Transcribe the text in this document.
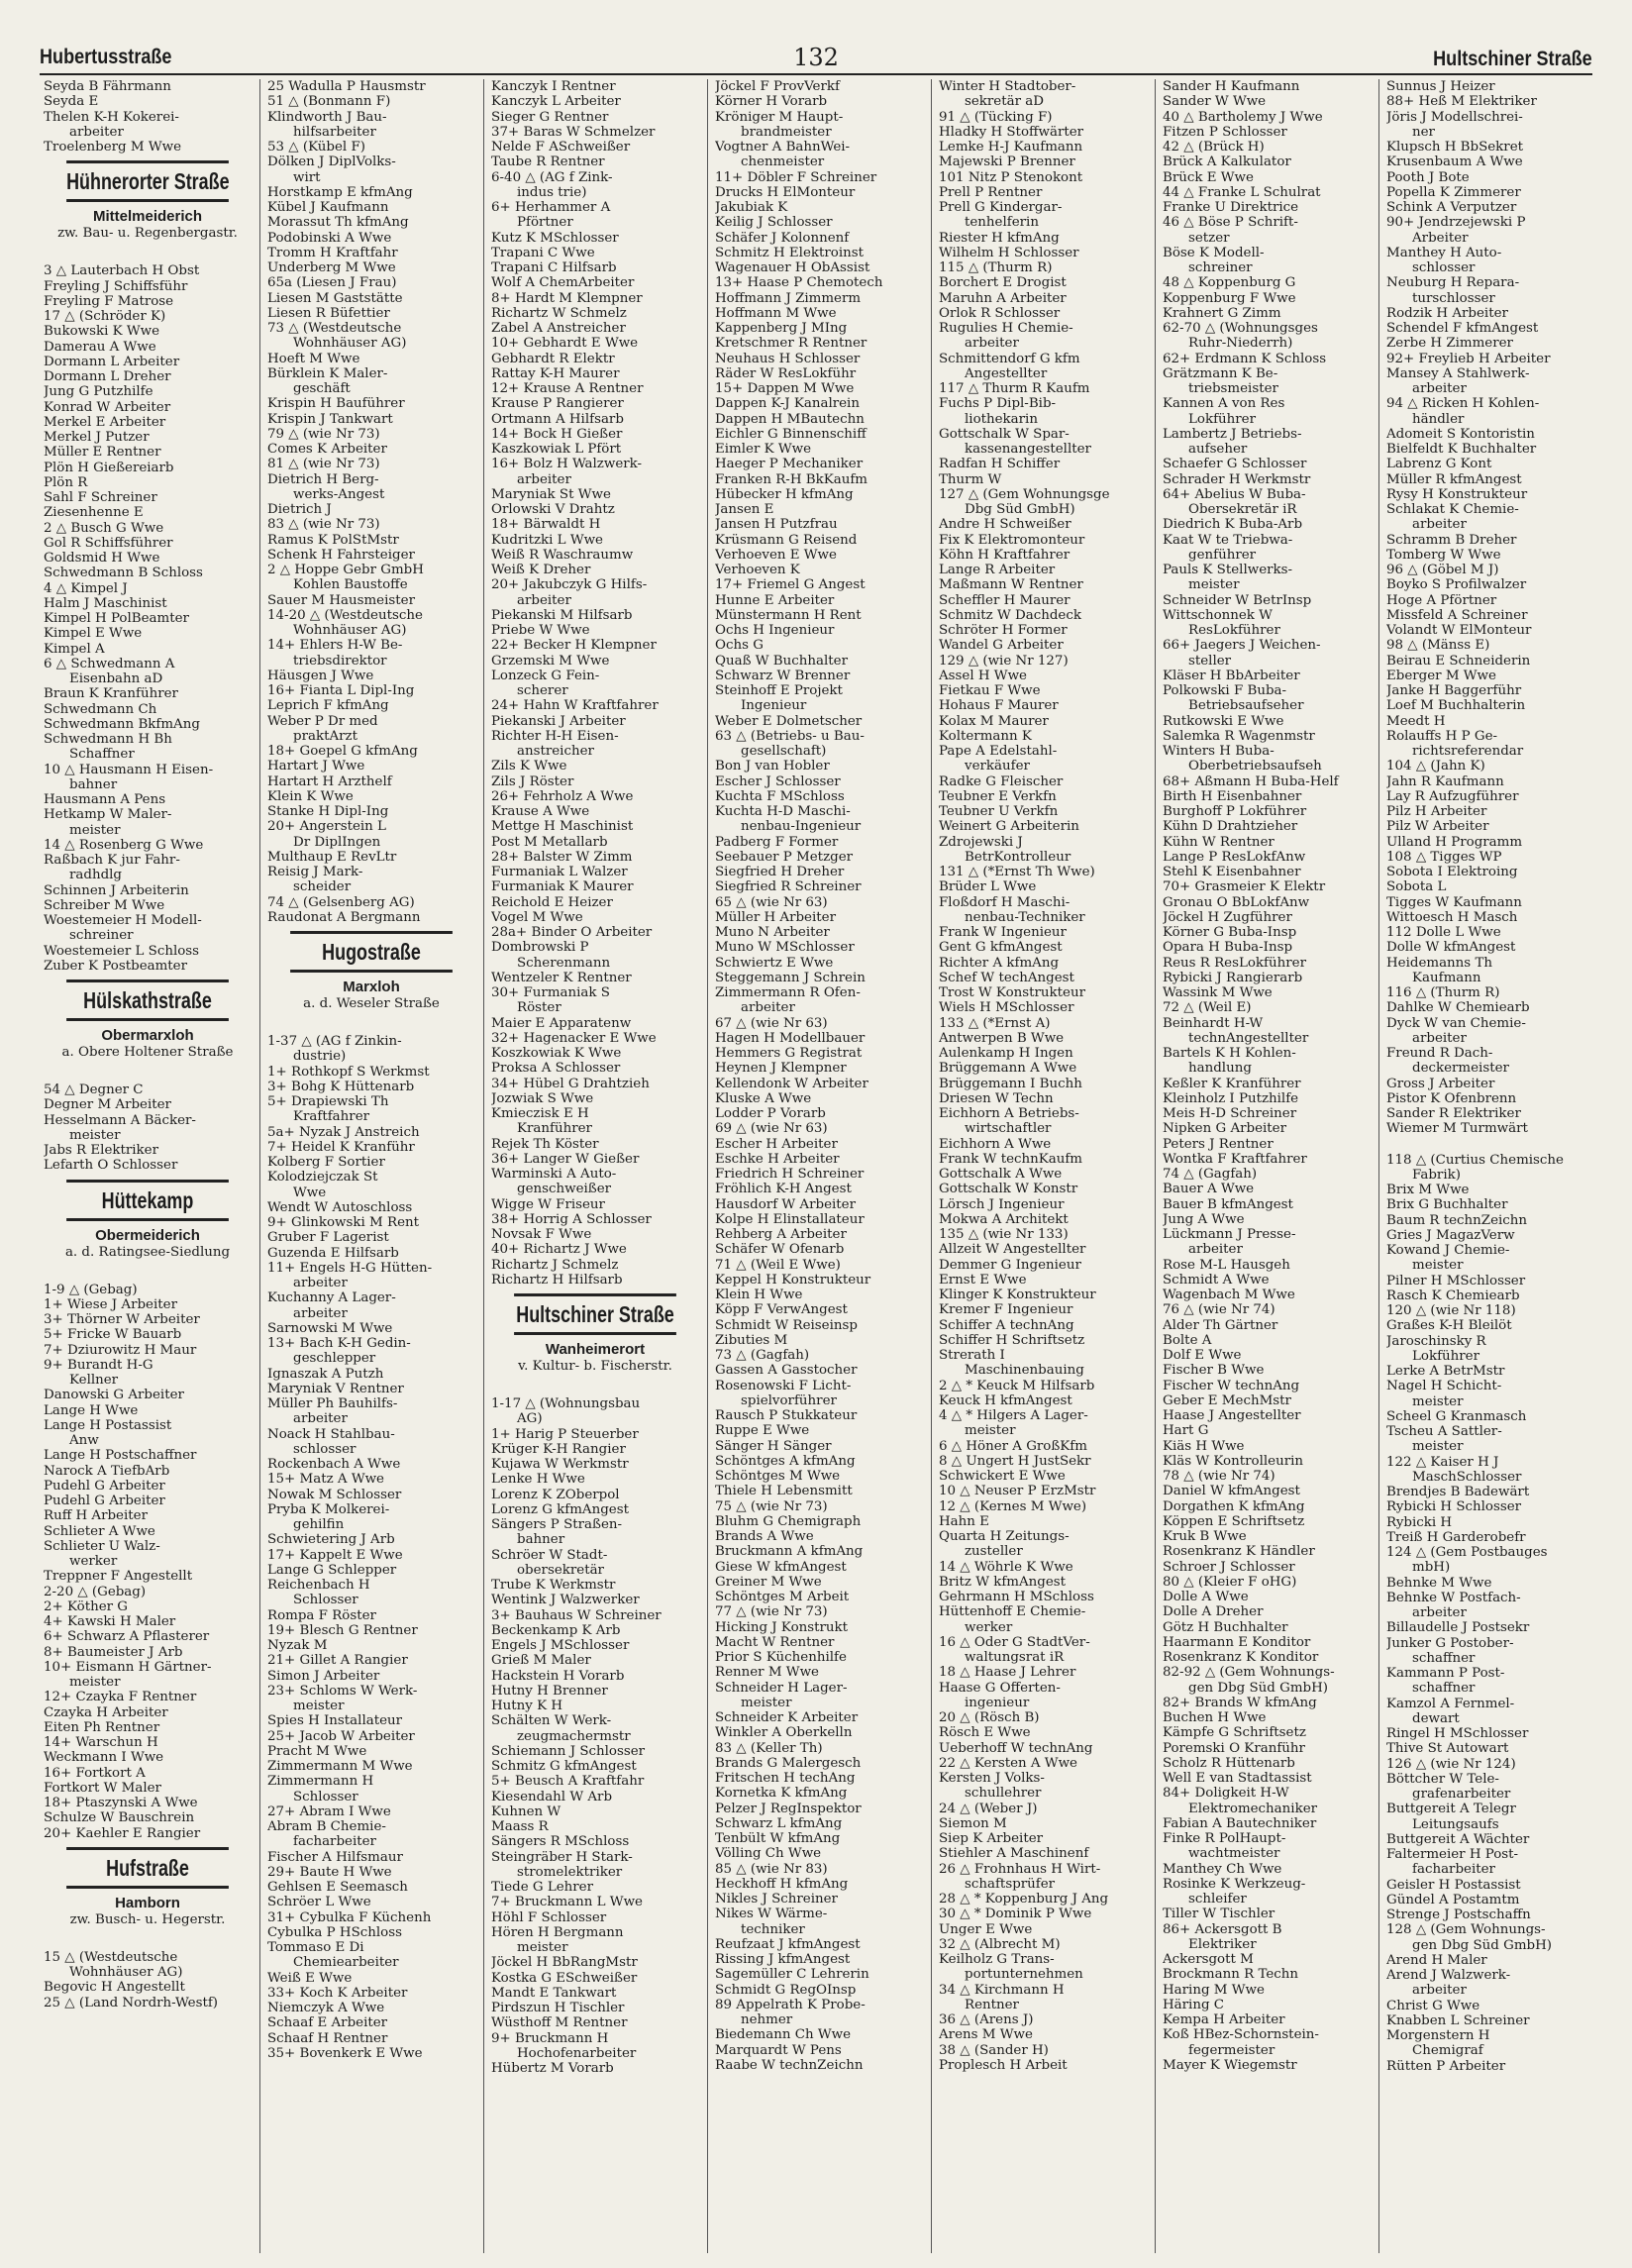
Hubertusstraße	132	Hultschiner Straße
Seyda B Fährmann
Seyda E
Thelen K-H Kokerei-
arbeiter
Troelenberg M Wwe
Hühnerorter Straße
Mittelmeiderich
zw. Bau- u. Regenbergastr.
3 △ Lauterbach H Obst
Freyling J Schiffsführ
Freyling F Matrose
17 △ (Schröder K)
Bukowski K Wwe
Damerau A Wwe
Dormann L Arbeiter
Dormann L Dreher
Jung G Putzhilfe
Konrad W Arbeiter
Merkel E Arbeiter
Merkel J Putzer
Müller E Rentner
Plön H Gießereiarb
Plön R
Sahl F Schreiner
Ziesenhenne E
2 △ Busch G Wwe
Gol R Schiffsführer
Goldsmid H Wwe
Schwedmann B Schloss
4 △ Kimpel J
Halm J Maschinist
Kimpel H PolBeamter
Kimpel E Wwe
Kimpel A
6 △ Schwedmann A
Eisenbahn aD
Braun K Kranführer
Schwedmann Ch
Schwedmann BkfmAng
Schwedmann H Bh
Schaffner
10 △ Hausmann H Eisen-
bahner
Hausmann A Pens
Hetkamp W Maler-
meister
14 △ Rosenberg G Wwe
Raßbach K jur Fahr-
radhdlg
Schinnen J Arbeiterin
Schreiber M Wwe
Woestemeier H Modell-
schreiner
Woestemeier L Schloss
Zuber K Postbeamter
Hülskathstraße
Obermarxloh
a. Obere Holtener Straße
54 △ Degner C
Degner M Arbeiter
Hesselmann A Bäcker-
meister
Jabs R Elektriker
Lefarth O Schlosser
Hüttekamp
Obermeiderich
a. d. Ratingsee-Siedlung
1-9 △ (Gebag)
1+ Wiese J Arbeiter
3+ Thörner W Arbeiter
5+ Fricke W Bauarb
7+ Dziurowitz H Maur
9+ Burandt H-G
Kellner
Danowski G Arbeiter
Lange H Wwe
Lange H Postassist
Anw
Lange H Postschaffner
Narock A TiefbArb
Pudehl G Arbeiter
Pudehl G Arbeiter
Ruff H Arbeiter
Schlieter A Wwe
Schlieter U Walz-
werker
Treppner F Angestellt
2-20 △ (Gebag)
2+ Köther G
4+ Kawski H Maler
6+ Schwarz A Pflasterer
8+ Baumeister J Arb
10+ Eismann H Gärtner-
meister
12+ Czayka F Rentner
Czayka H Arbeiter
Eiten Ph Rentner
14+ Warschun H
Weckmann I Wwe
16+ Fortkort A
Fortkort W Maler
18+ Ptaszynski A Wwe
Schulze W Bauschrein
20+ Kaehler E Rangier
Hufstraße
Hamborn
zw. Busch- u. Hegerstr.
15 △ (Westdeutsche
Wohnhäuser AG)
Begovic H Angestellt
25 △ (Land Nordrh-Westf)
25 Wadulla P Hausmstr
51 △ (Bonmann F)
Klindworth J Bau-
hilfsarbeiter
53 △ (Kübel F)
Dölken J DiplVolks-
wirt
Horstkamp E kfmAng
Kübel J Kaufmann
Morassut Th kfmAng
Podobinski A Wwe
Tromm H Kraftfahr
Underberg M Wwe
65a (Liesen J Frau)
Liesen M Gaststätte
Liesen R Büfettier
73 △ (Westdeutsche
Wohnhäuser AG)
Hoeft M Wwe
Bürklein K Maler-
geschäft
Krispin H Bauführer
Krispin J Tankwart
79 △ (wie Nr 73)
Comes K Arbeiter
81 △ (wie Nr 73)
Dietrich H Berg-
werks-Angest
Dietrich J
83 △ (wie Nr 73)
Ramus K PolStMstr
Schenk H Fahrsteiger
2 △ Hoppe Gebr GmbH
Kohlen Baustoffe
Sauer M Hausmeister
14-20 △ (Westdeutsche
Wohnhäuser AG)
14+ Ehlers H-W Be-
triebsdirektor
Häusgen J Wwe
16+ Fianta L Dipl-Ing
Leprich F kfmAng
Weber P Dr med
praktArzt
18+ Goepel G kfmAng
Hartart J Wwe
Hartart H Arzthelf
Klein K Wwe
Stanke H Dipl-Ing
20+ Angerstein L
Dr DiplIngen
Multhaup E RevLtr
Reisig J Mark-
scheider
74 △ (Gelsenberg AG)
Raudonat A Bergmann
Hugostraße
Marxloh
a. d. Weseler Straße
1-37 △ (AG f Zinkin-
dustrie)
1+ Rothkopf S Werkmst
3+ Bohg K Hüttenarb
5+ Drapiewski Th
Kraftfahrer
5a+ Nyzak J Anstreich
7+ Heidel K Kranführ
Kolberg F Sortier
Kolodziejczak St
Wwe
Wendt W Autoschloss
9+ Glinkowski M Rent
Gruber F Lagerist
Guzenda E Hilfsarb
11+ Engels H-G Hütten-
arbeiter
Kuchanny A Lager-
arbeiter
Sarnowski M Wwe
13+ Bach K-H Gedin-
geschlepper
Ignaszak A Putzh
Maryniak V Rentner
Müller Ph Bauhilfs-
arbeiter
Noack H Stahlbau-
schlosser
Rockenbach A Wwe
15+ Matz A Wwe
Nowak M Schlosser
Pryba K Molkerei-
gehilfin
Schwietering J Arb
17+ Kappelt E Wwe
Lange G Schlepper
Reichenbach H
Schlosser
Rompa F Röster
19+ Blesch G Rentner
Nyzak M
21+ Gillet A Rangier
Simon J Arbeiter
23+ Schloms W Werk-
meister
Spies H Installateur
25+ Jacob W Arbeiter
Pracht M Wwe
Zimmermann M Wwe
Zimmermann H
Schlosser
27+ Abram I Wwe
Abram B Chemie-
facharbeiter
Fischer A Hilfsmaur
29+ Baute H Wwe
Gehlsen E Seemasch
Schröer L Wwe
31+ Cybulka F Küchenh
Cybulka P HSchloss
Tommaso E Di
Chemiearbeiter
Weiß E Wwe
33+ Koch K Arbeiter
Niemczyk A Wwe
Schaaf E Arbeiter
Schaaf H Rentner
35+ Bovenkerk E Wwe
Kanczyk I Rentner
Kanczyk L Arbeiter
Sieger G Rentner
37+ Baras W Schmelzer
Nelde F ASchweißer
Taube R Rentner
6-40 △ (AG f Zink-
indus trie)
6+ Herhammer A
Pförtner
Kutz K MSchlosser
Trapani C Wwe
Trapani C Hilfsarb
Wolf A ChemArbeiter
8+ Hardt M Klempner
Richartz W Schmelz
Zabel A Anstreicher
10+ Gebhardt E Wwe
Gebhardt R Elektr
Rattay K-H Maurer
12+ Krause A Rentner
Krause P Rangierer
Ortmann A Hilfsarb
14+ Bock H Gießer
Kaszkowiak L Pfört
16+ Bolz H Walzwerk-
arbeiter
Maryniak St Wwe
Orlowski V Drahtz
18+ Bärwaldt H
Kudritzki L Wwe
Weiß R Waschraumw
Weiß K Dreher
20+ Jakubczyk G Hilfs-
arbeiter
Piekanski M Hilfsarb
Priebe W Wwe
22+ Becker H Klempner
Grzemski M Wwe
Lonzeck G Fein-
scherer
24+ Hahn W Kraftfahrer
Piekanski J Arbeiter
Richter H-H Eisen-
anstreicher
Zils K Wwe
Zils J Röster
26+ Fehrholz A Wwe
Krause A Wwe
Mettge H Maschinist
Post M Metallarb
28+ Balster W Zimm
Furmaniak L Walzer
Furmaniak K Maurer
Reichold E Heizer
Vogel M Wwe
28a+ Binder O Arbeiter
Dombrowski P
Scherenmann
Wentzeler K Rentner
30+ Furmaniak S
Röster
Maier E Apparatenw
32+ Hagenacker E Wwe
Koszkowiak K Wwe
Proksa A Schlosser
34+ Hübel G Drahtzieh
Jozwiak S Wwe
Kmieczisk E H
Kranführer
Rejek Th Köster
36+ Langer W Gießer
Warminski A Auto-
genschweißer
Wigge W Friseur
38+ Horrig A Schlosser
Novsak F Wwe
40+ Richartz J Wwe
Richartz J Schmelz
Richartz H Hilfsarb
Hultschiner Straße
Wanheimerort
v. Kultur- b. Fischerstr.
1-17 △ (Wohnungsbau
AG)
1+ Harig P Steuerber
Krüger K-H Rangier
Kujawa W Werkmstr
Lenke H Wwe
Lorenz K ZOberpol
Lorenz G kfmAngest
Sängers P Straßen-
bahner
Schröer W Stadt-
obersekretär
Trube K Werkmstr
Wentink J Walzwerker
3+ Bauhaus W Schreiner
Beckenkamp K Arb
Engels J MSchlosser
Grieß M Maler
Hackstein H Vorarb
Hutny H Brenner
Hutny K H
Schälten W Werk-
zeugmachermstr
Schiemann J Schlosser
Schmitz G kfmAngest
5+ Beusch A Kraftfahr
Kiesendahl W Arb
Kuhnen W
Maass R
Sängers R MSchloss
Steingräber H Stark-
stromelektriker
Tiede G Lehrer
7+ Bruckmann L Wwe
Höhl F Schlosser
Hören H Bergmann
meister
Jöckel H BbRangMstr
Kostka G ESchweißer
Mandt E Tankwart
Pirdszun H Tischler
Wüsthoff M Rentner
9+ Bruckmann H
Hochofenarbeiter
Hübertz M Vorarb
Jöckel F ProvVerkf
Körner H Vorarb
Kröniger M Haupt-
brandmeister
Vogtner A BahnWei-
chenmeister
11+ Döbler F Schreiner
Drucks H ElMonteur
Jakubiak K
Keilig J Schlosser
Schäfer J Kolonnenf
Schmitz H Elektroinst
Wagenauer H ObAssist
13+ Haase P Chemotech
Hoffmann J Zimmerm
Hoffmann M Wwe
Kappenberg J MIng
Kretschmer R Rentner
Neuhaus H Schlosser
Räder W ResLokführ
15+ Dappen M Wwe
Dappen K-J Kanalrein
Dappen H MBautechn
Eichler G Binnenschiff
Eimler K Wwe
Haeger P Mechaniker
Franken R-H BkKaufm
Hübecker H kfmAng
Jansen E
Jansen H Putzfrau
Krüsmann G Reisend
Verhoeven E Wwe
Verhoeven K
17+ Friemel G Angest
Hunne E Arbeiter
Münstermann H Rent
Ochs H Ingenieur
Ochs G
Quaß W Buchhalter
Schwarz W Brenner
Steinhoff E Projekt
Ingenieur
Weber E Dolmetscher
63 △ (Betriebs- u Bau-
gesellschaft)
Bon J van Hobler
Escher J Schlosser
Kuchta F MSchloss
Kuchta H-D Maschi-
nenbau-Ingenieur
Padberg F Former
Seebauer P Metzger
Siegfried H Dreher
Siegfried R Schreiner
65 △ (wie Nr 63)
Müller H Arbeiter
Muno N Arbeiter
Muno W MSchlosser
Schwiertz E Wwe
Steggemann J Schrein
Zimmermann R Ofen-
arbeiter
67 △ (wie Nr 63)
Hagen H Modellbauer
Hemmers G Registrat
Heynen J Klempner
Kellendonk W Arbeiter
Kluske A Wwe
Lodder P Vorarb
69 △ (wie Nr 63)
Escher H Arbeiter
Eschke H Arbeiter
Friedrich H Schreiner
Fröhlich K-H Angest
Hausdorf W Arbeiter
Kolpe H Elinstallateur
Rehberg A Arbeiter
Schäfer W Ofenarb
71 △ (Weil E Wwe)
Keppel H Konstrukteur
Klein H Wwe
Köpp F VerwAngest
Schmidt W Reiseinsp
Zibuties M
73 △ (Gagfah)
Gassen A Gasstocher
Rosenowski F Licht-
spielvorführer
Rausch P Stukkateur
Ruppe E Wwe
Sänger H Sänger
Schöntges A kfmAng
Schöntges M Wwe
Thiele H Lebensmitt
75 △ (wie Nr 73)
Bluhm G Chemigraph
Brands A Wwe
Bruckmann A kfmAng
Giese W kfmAngest
Greiner M Wwe
Schöntges M Arbeit
77 △ (wie Nr 73)
Hicking J Konstrukt
Macht W Rentner
Prior S Küchenhilfe
Renner M Wwe
Schneider H Lager-
meister
Schneider K Arbeiter
Winkler A Oberkelln
83 △ (Keller Th)
Brands G Malergesch
Fritschen H techAng
Kornetka K kfmAng
Pelzer J RegInspektor
Schwarz L kfmAng
Tenbült W kfmAng
Völling Ch Wwe
85 △ (wie Nr 83)
Heckhoff H kfmAng
Nikles J Schreiner
Nikes W Wärme-
techniker
Reufzaat J kfmAngest
Rissing J kfmAngest
Sagemüller C Lehrerin
Schmidt G RegOInsp
89 Appelrath K Probe-
nehmer
Biedemann Ch Wwe
Marquardt W Pens
Raabe W technZeichn
Winter H Stadtober-
sekretär aD
91 △ (Tücking F)
Hladky H Stoffwärter
Lemke H-J Kaufmann
Majewski P Brenner
101 Nitz P Stenokont
Prell P Rentner
Prell G Kindergar-
tenhelferin
Riester H kfmAng
Wilhelm H Schlosser
115 △ (Thurm R)
Borchert E Drogist
Maruhn A Arbeiter
Orlok R Schlosser
Rugulies H Chemie-
arbeiter
Schmittendorf G kfm
Angestellter
117 △ Thurm R Kaufm
Fuchs P Dipl-Bib-
liothekarin
Gottschalk W Spar-
kassenangestellter
Radfan H Schiffer
Thurm W
127 △ (Gem Wohnungsge
Dbg Süd GmbH)
Andre H Schweißer
Fix K Elektromonteur
Köhn H Kraftfahrer
Lange R Arbeiter
Maßmann W Rentner
Scheffler H Maurer
Schmitz W Dachdeck
Schröter H Former
Wandel G Arbeiter
129 △ (wie Nr 127)
Assel H Wwe
Fietkau F Wwe
Hohaus F Maurer
Kolax M Maurer
Koltermann K
Pape A Edelstahl-
verkäufer
Radke G Fleischer
Teubner E Verkfn
Teubner U Verkfn
Weinert G Arbeiterin
Zdrojewski J
BetrKontrolleur
131 △ (*Ernst Th Wwe)
Brüder L Wwe
Floßdorf H Maschi-
nenbau-Techniker
Frank W Ingenieur
Gent G kfmAngest
Richter A kfmAng
Schef W techAngest
Trost W Konstrukteur
Wiels H MSchlosser
133 △ (*Ernst A)
Antwerpen B Wwe
Aulenkamp H Ingen
Brüggemann A Wwe
Brüggemann I Buchh
Driesen W Techn
Eichhorn A Betriebs-
wirtschaftler
Eichhorn A Wwe
Frank W technKaufm
Gottschalk A Wwe
Gottschalk W Konstr
Lörsch J Ingenieur
Mokwa A Architekt
135 △ (wie Nr 133)
Allzeit W Angestellter
Demmer G Ingenieur
Ernst E Wwe
Klinger K Konstrukteur
Kremer F Ingenieur
Schiffer A technAng
Schiffer H Schriftsetz
Strerath I
Maschinenbauing
2 △ * Keuck M Hilfsarb
Keuck H kfmAngest
4 △ * Hilgers A Lager-
meister
6 △ Höner A GroßKfm
8 △ Ungert H JustSekr
Schwickert E Wwe
10 △ Neuser P ErzMstr
12 △ (Kernes M Wwe)
Hahn E
Quarta H Zeitungs-
zusteller
14 △ Wöhrle K Wwe
Britz W kfmAngest
Gehrmann H MSchloss
Hüttenhoff E Chemie-
werker
16 △ Oder G StadtVer-
waltungsrat iR
18 △ Haase J Lehrer
Haase G Offerten-
ingenieur
20 △ (Rösch B)
Rösch E Wwe
Ueberhoff W technAng
22 △ Kersten A Wwe
Kersten J Volks-
schullehrer
24 △ (Weber J)
Siemon M
Siep K Arbeiter
Stiehler A Maschinenf
26 △ Frohnhaus H Wirt-
schaftsprüfer
28 △ * Koppenburg J Ang
30 △ * Dominik P Wwe
Unger E Wwe
32 △ (Albrecht M)
Keilholz G Trans-
portunternehmen
34 △ Kirchmann H
Rentner
36 △ (Arens J)
Arens M Wwe
38 △ (Sander H)
Proplesch H Arbeit
Sander H Kaufmann
Sander W Wwe
40 △ Bartholemy J Wwe
Fitzen P Schlosser
42 △ (Brück H)
Brück A Kalkulator
Brück E Wwe
44 △ Franke L Schulrat
Franke U Direktrice
46 △ Böse P Schrift-
setzer
Böse K Modell-
schreiner
48 △ Koppenburg G
Koppenburg F Wwe
Krahnert G Zimm
62-70 △ (Wohnungsges
Ruhr-Niederrh)
62+ Erdmann K Schloss
Grätzmann K Be-
triebsmeister
Kannen A von Res
Lokführer
Lambertz J Betriebs-
aufseher
Schaefer G Schlosser
Schrader H Werkmstr
64+ Abelius W Buba-
Obersekretär iR
Diedrich K Buba-Arb
Kaat W te Triebwa-
genführer
Pauls K Stellwerks-
meister
Schneider W BetrInsp
Wittschonnek W
ResLokführer
66+ Jaegers J Weichen-
steller
Kläser H BbArbeiter
Polkowski F Buba-
Betriebsaufseher
Rutkowski E Wwe
Salemka R Wagenmstr
Winters H Buba-
Oberbetriebsaufseh
68+ Aßmann H Buba-Helf
Birth H Eisenbahner
Burghoff P Lokführer
Kühn D Drahtzieher
Kühn W Rentner
Lange P ResLokfAnw
Stehl K Eisenbahner
70+ Grasmeier K Elektr
Gronau O BbLokfAnw
Jöckel H Zugführer
Körner G Buba-Insp
Opara H Buba-Insp
Reus R ResLokführer
Rybicki J Rangierarb
Wassink M Wwe
72 △ (Weil E)
Beinhardt H-W
technAngestellter
Bartels K H Kohlen-
handlung
Keßler K Kranführer
Kleinholz I Putzhilfe
Meis H-D Schreiner
Nipken G Arbeiter
Peters J Rentner
Wontka F Kraftfahrer
74 △ (Gagfah)
Bauer A Wwe
Bauer B kfmAngest
Jung A Wwe
Lückmann J Presse-
arbeiter
Rose M-L Hausgeh
Schmidt A Wwe
Wagenbach M Wwe
76 △ (wie Nr 74)
Alder Th Gärtner
Bolte A
Dolf E Wwe
Fischer B Wwe
Fischer W technAng
Geber E MechMstr
Haase J Angestellter
Hart G
Kiäs H Wwe
Kläs W Kontrolleurin
78 △ (wie Nr 74)
Daniel W kfmAngest
Dorgathen K kfmAng
Köppen E Schriftsetz
Kruk B Wwe
Rosenkranz K Händler
Schroer J Schlosser
80 △ (Kleier F oHG)
Dolle A Wwe
Dolle A Dreher
Götz H Buchhalter
Haarmann E Konditor
Rosenkranz K Konditor
82-92 △ (Gem Wohnungs-
gen Dbg Süd GmbH)
82+ Brands W kfmAng
Buchen H Wwe
Kämpfe G Schriftsetz
Poremski O Kranführ
Scholz R Hüttenarb
Well E van Stadtassist
84+ Doligkeit H-W
Elektromechaniker
Fabian A Bautechniker
Finke R PolHaupt-
wachtmeister
Manthey Ch Wwe
Rosinke K Werkzeug-
schleifer
Tiller W Tischler
86+ Ackersgott B
Elektriker
Ackersgott M
Brockmann R Techn
Haring M Wwe
Häring C
Kempa H Arbeiter
Koß HBez-Schornstein-
fegermeister
Mayer K Wiegemstr
Sunnus J Heizer
88+ Heß M Elektriker
Jöris J Modellschrei-
ner
Klupsch H BbSekret
Krusenbaum A Wwe
Pooth J Bote
Popella K Zimmerer
Schink A Verputzer
90+ Jendrzejewski P
Arbeiter
Manthey H Auto-
schlosser
Neuburg H Repara-
turschlosser
Rodzik H Arbeiter
Schendel F kfmAngest
Zerbe H Zimmerer
92+ Freylieb H Arbeiter
Mansey A Stahlwerk-
arbeiter
94 △ Ricken H Kohlen-
händler
Adomeit S Kontoristin
Bielfeldt K Buchhalter
Labrenz G Kont
Müller R kfmAngest
Rysy H Konstrukteur
Schlakat K Chemie-
arbeiter
Schramm B Dreher
Tomberg W Wwe
96 △ (Göbel M J)
Boyko S Profilwalzer
Hoge A Pförtner
Missfeld A Schreiner
Volandt W ElMonteur
98 △ (Mänss E)
Beirau E Schneiderin
Eberger M Wwe
Janke H Baggerführ
Loef M Buchhalterin
Meedt H
Rolauffs H P Ge-
richtsreferendar
104 △ (Jahn K)
Jahn R Kaufmann
Lay R Aufzugführer
Pilz H Arbeiter
Pilz W Arbeiter
Ulland H Programm
108 △ Tigges WP
Sobota I Elektroing
Sobota L
Tigges W Kaufmann
Wittoesch H Masch
112 Dolle L Wwe
Dolle W kfmAngest
Heidemanns Th
Kaufmann
116 △ (Thurm R)
Dahlke W Chemiearb
Dyck W van Chemie-
arbeiter
Freund R Dach-
deckermeister
Gross J Arbeiter
Pistor K Ofenbrenn
Sander R Elektriker
Wiemer M Turmwärt
118 △ (Curtius Chemische
Fabrik)
Brix M Wwe
Brix G Buchhalter
Baum R technZeichn
Gries J MagazVerw
Kowand J Chemie-
meister
Pilner H MSchlosser
Rasch K Chemiearb
120 △ (wie Nr 118)
Graßes K-H Bleilöt
Jaroschinsky R
Lokführer
Lerke A BetrMstr
Nagel H Schicht-
meister
Scheel G Kranmasch
Tscheu A Sattler-
meister
122 △ Kaiser H J
MaschSchlosser
Brendjes B Badewärt
Rybicki H Schlosser
Rybicki H
Treiß H Garderobefr
124 △ (Gem Postbauges
mbH)
Behnke M Wwe
Behnke W Postfach-
arbeiter
Billaudelle J Postsekr
Junker G Postober-
schaffner
Kammann P Post-
schaffner
Kamzol A Fernmel-
dewart
Ringel H MSchlosser
Thive St Autowart
126 △ (wie Nr 124)
Böttcher W Tele-
grafenarbeiter
Buttgereit A Telegr
Leitungsaufs
Buttgereit A Wächter
Faltermeier H Post-
facharbeiter
Geisler H Postassist
Gündel A Postamtm
Strenge J Postschaffn
128 △ (Gem Wohnungs-
gen Dbg Süd GmbH)
Arend H Maler
Arend J Walzwerk-
arbeiter
Christ G Wwe
Knabben L Schreiner
Morgenstern H
Chemigraf
Rütten P Arbeiter
